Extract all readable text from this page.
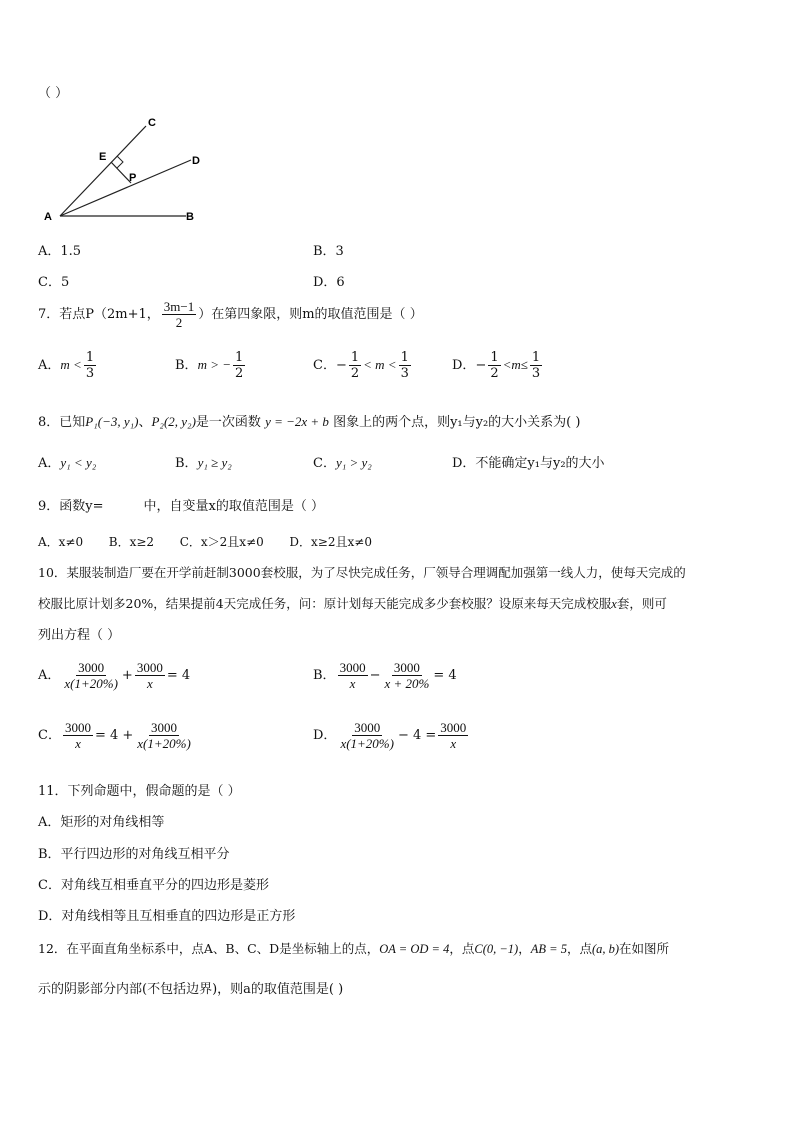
（ ）
A	B
C
D
E
P
A．1.5	B．3
C．5	D．6
7．若点P（2m+1， $\frac{3m-1}{2}$ ）在第四象限，则m的取值范围是（ ）
A．$m < \frac{1}{3}$	B．m > − $\frac{1}{2}$	C．− $\frac{1}{2} < m < \frac{1}{3}$	D．− $\frac{1}{2} <m\le \frac{1}{3}$
8．已知P₁(−3, y₁)、P₂(2, y₂)是一次函数 y = −2x + b 图象上的两个点，则y₁与y₂的大小关系为( )
A．y₁ < y₂	B．y₁ ≥ y₂	C．y₁ > y₂	D．不能确定y₁与y₂的大小
9．函数y=	中，自变量x的取值范围是（ ）
A．x≠0 B．x≥2 C．x＞2且x≠0 D．x≥2且x≠0
10．某服装制造厂要在开学前赶制3000套校服，为了尽快完成任务，厂领导合理调配加强第一线人力，使每天完成的
校服比原计划多20%，结果提前4天完成任务，问：原计划每天能完成多少套校服？设原来每天完成校服x套，则可
列出方程（ ）
A． $\frac{3000}{x(1+20\%)} + \frac{3000}{x} = 4$	B． $\frac{3000}{x} - \frac{3000}{x + 20\%} = 4$
C． $\frac{3000}{x} = 4 + \frac{3000}{x(1+20\%)}$	D． $\frac{3000}{x(1+20\%)} - 4 = \frac{3000}{x}$
11．下列命题中，假命题的是（ ）
A．矩形的对角线相等
B．平行四边形的对角线互相平分
C．对角线互相垂直平分的四边形是菱形
D．对角线相等且互相垂直的四边形是正方形
12．在平面直角坐标系中，点A、B、C、D是坐标轴上的点，OA = OD = 4，点C(0, −1)，AB = 5，点(a, b)在如图所
示的阴影部分内部(不包括边界)，则a的取值范围是( )
